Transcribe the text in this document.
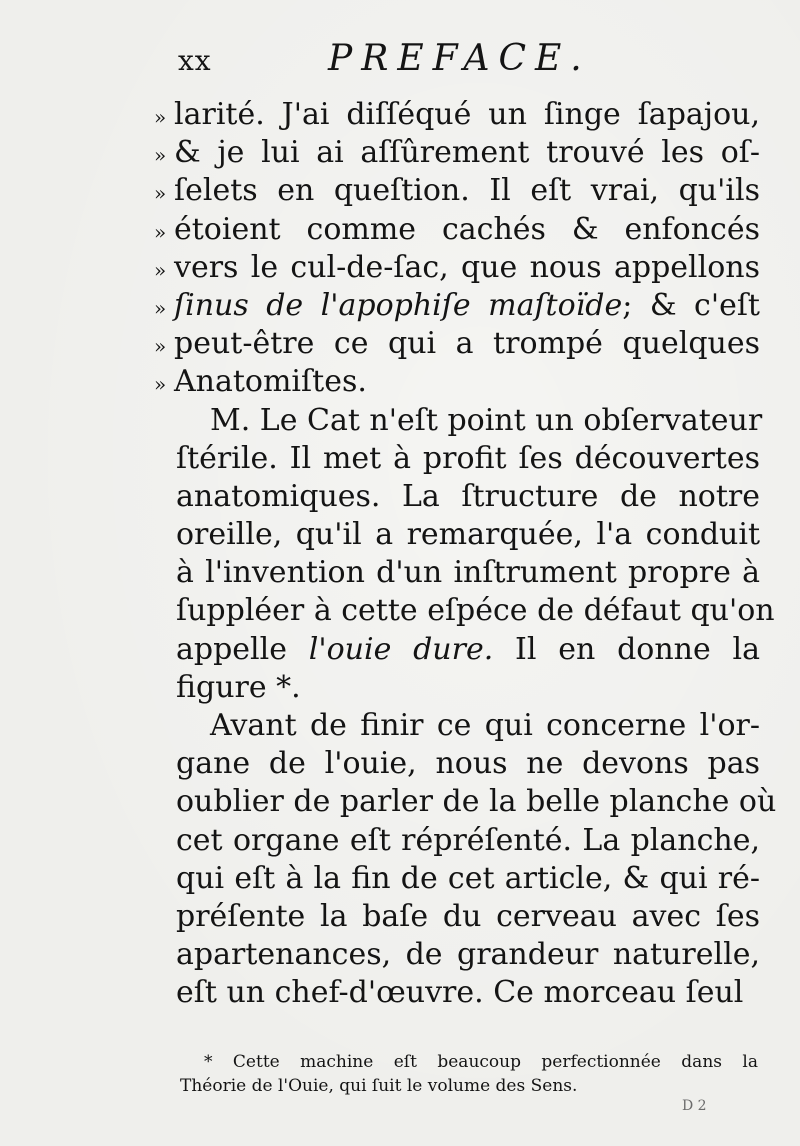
xx	PREFACE.
» larité. J'ai diſſéqué un ſinge ſapajou,
» & je lui ai aſſûrement trouvé les oſ-
» ſelets en queſtion. Il eſt vrai, qu'ils
» étoient comme cachés & enfoncés
» vers le cul-de-ſac, que nous appellons
» ſinus de l'apophiſe maſtoïde; & c'eſt
» peut-être ce qui a trompé quelques
» Anatomiſtes.
M. Le Cat n'eſt point un obſervateur
ſtérile. Il met à profit ſes découvertes
anatomiques. La ſtructure de notre
oreille, qu'il a remarquée, l'a conduit
à l'invention d'un inſtrument propre à
ſuppléer à cette eſpéce de défaut qu'on
appelle l'ouie dure. Il en donne la
figure *.
Avant de finir ce qui concerne l'or-
gane de l'ouie, nous ne devons pas
oublier de parler de la belle planche où
cet organe eſt répréſenté. La planche,
qui eſt à la fin de cet article, & qui ré-
préſente la baſe du cerveau avec ſes
apartenances, de grandeur naturelle,
eſt un chef-d'œuvre. Ce morceau ſeul
* Cette machine eſt beaucoup perfectionnée dans la
Théorie de l'Ouie, qui ſuit le volume des Sens.
D 2
